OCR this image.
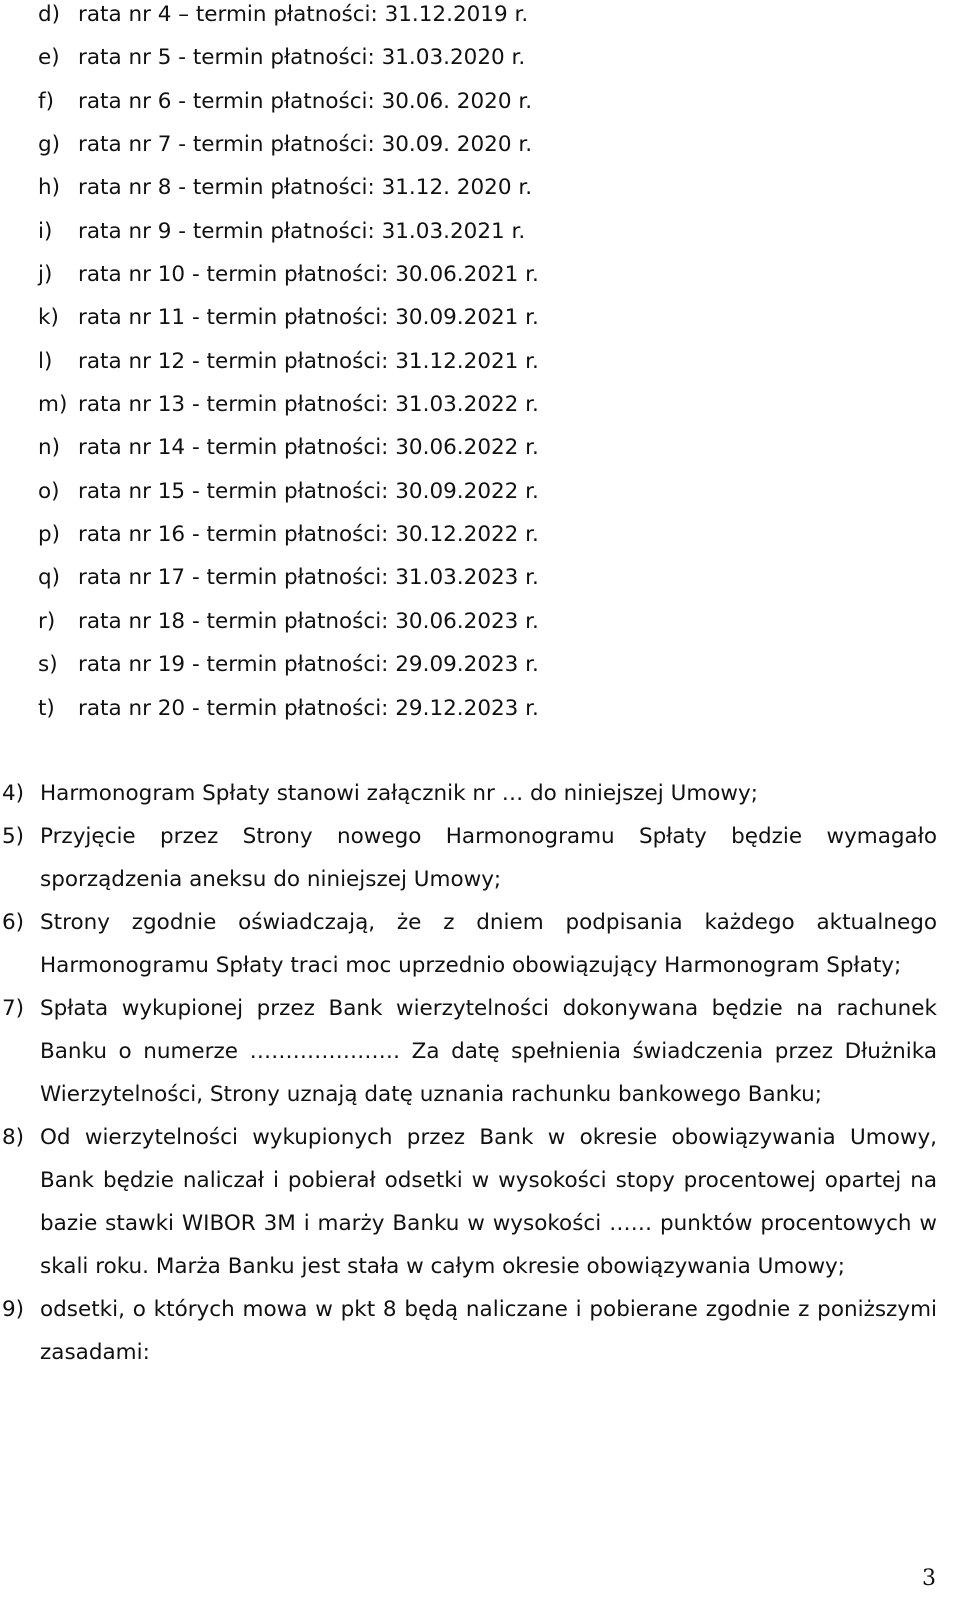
d) rata nr 4 – termin płatności: 31.12.2019 r.
e) rata nr 5 - termin płatności: 31.03.2020 r.
f)	rata nr 6 - termin płatności: 30.06. 2020 r.
g) rata nr 7 - termin płatności: 30.09. 2020 r.
h) rata nr 8 - termin płatności: 31.12. 2020 r.
i)	rata nr 9 - termin płatności: 31.03.2021 r.
j)	rata nr 10 - termin płatności: 30.06.2021 r.
k) rata nr 11 - termin płatności: 30.09.2021 r.
l)	rata nr 12 - termin płatności: 31.12.2021 r.
m) rata nr 13 - termin płatności: 31.03.2022 r.
n) rata nr 14 - termin płatności: 30.06.2022 r.
o) rata nr 15 - termin płatności: 30.09.2022 r.
p) rata nr 16 - termin płatności: 30.12.2022 r.
q) rata nr 17 - termin płatności: 31.03.2023 r.
r)	rata nr 18 - termin płatności: 30.06.2023 r.
s) rata nr 19 - termin płatności: 29.09.2023 r.
t)	rata nr 20 - termin płatności: 29.12.2023 r.
4) Harmonogram Spłaty stanowi załącznik nr … do niniejszej Umowy;
5) Przyjęcie przez Strony nowego Harmonogramu Spłaty będzie wymagało sporządzenia aneksu do niniejszej Umowy;
6) Strony zgodnie oświadczają, że z dniem podpisania każdego aktualnego Harmonogramu Spłaty traci moc uprzednio obowiązujący Harmonogram Spłaty;
7) Spłata wykupionej przez Bank wierzytelności dokonywana będzie na rachunek Banku o numerze ………………… Za datę spełnienia świadczenia przez Dłużnika Wierzytelności, Strony uznają datę uznania rachunku bankowego Banku;
8) Od wierzytelności wykupionych przez Bank w okresie obowiązywania Umowy, Bank będzie naliczał i pobierał odsetki w wysokości stopy procentowej opartej na bazie stawki WIBOR 3M i marży Banku w wysokości …… punktów procentowych w skali roku. Marża Banku jest stała w całym okresie obowiązywania Umowy;
9) odsetki, o których mowa w pkt 8 będą naliczane i pobierane zgodnie z poniższymi zasadami:
3
